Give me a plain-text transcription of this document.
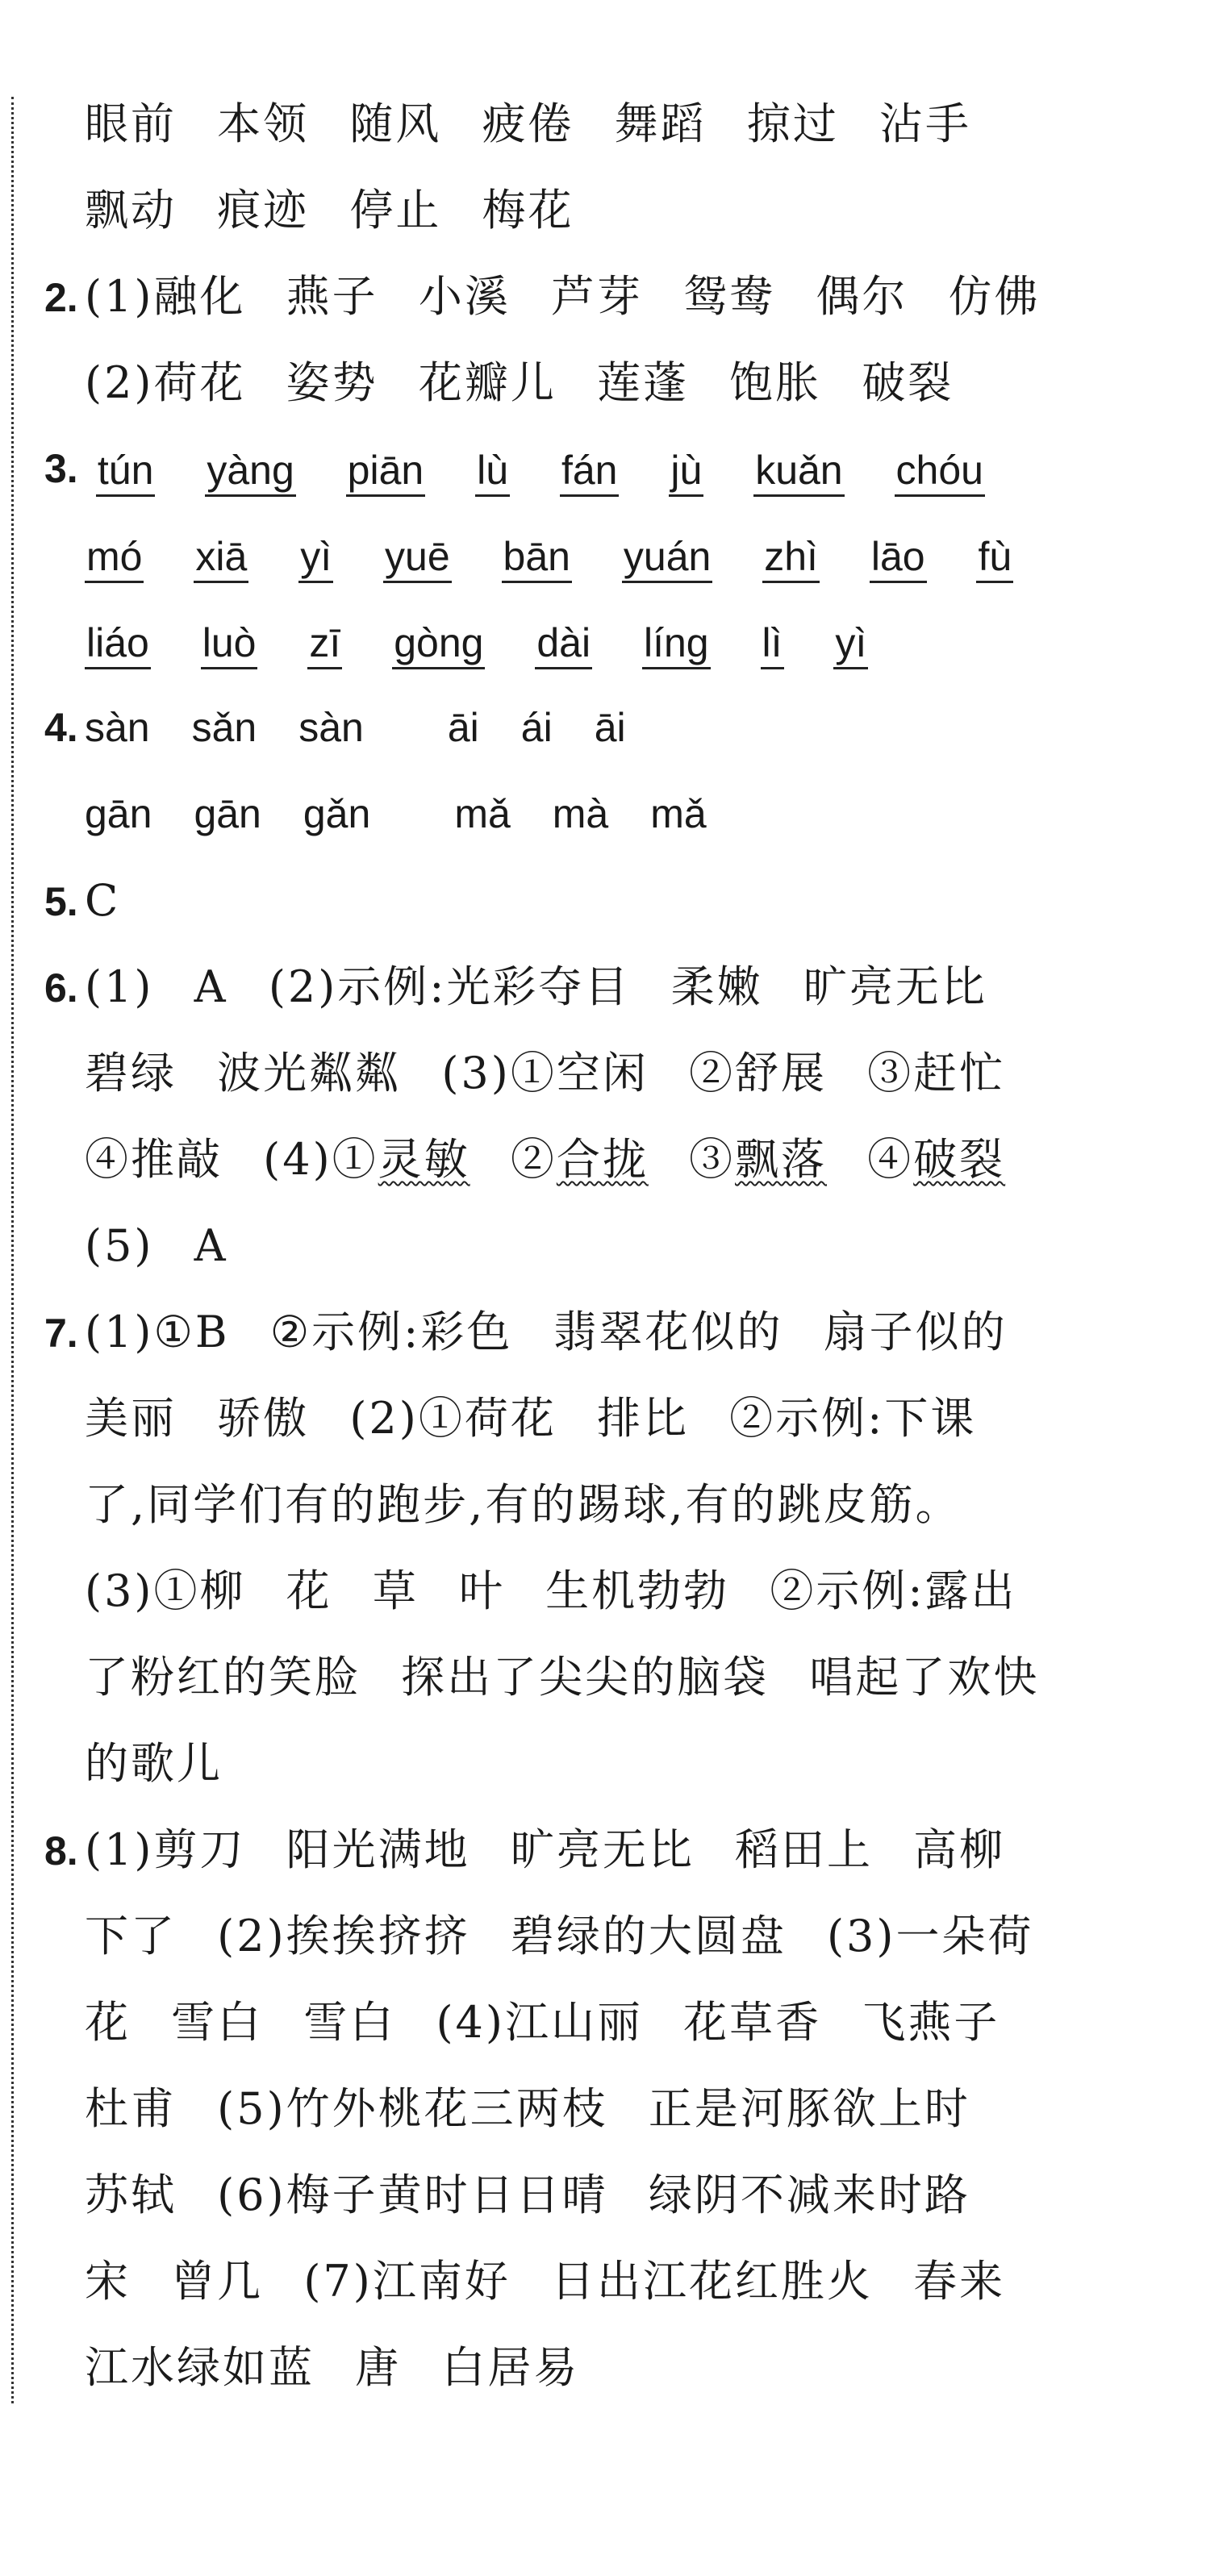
眼前 本领 随风 疲倦 舞蹈 掠过 沾手
飘动 痕迹 停止 梅花
2. (1)融化 燕子 小溪 芦芽 鸳鸯 偶尔 仿佛
(2)荷花 姿势 花瓣儿 莲蓬 饱胀 破裂
3. tún yàng piān lù fán jù kuǎn chóu
mó xiā yì yuē bān yuán zhì lāo fù
liáo luò zī gòng dài líng lì yì
4. sàn sǎn sàn āi ái āi
gān gān gǎn mǎ mà mǎ
5. C
6. (1) A (2)示例:光彩夺目 柔嫩 旷亮无比
碧绿 波光粼粼 (3)①空闲 ②舒展 ③赶忙
④推敲 (4)①灵敏 ②合拢 ③飘落 ④破裂
(5) A
7. (1)①B ②示例:彩色 翡翠花似的 扇子似的
美丽 骄傲 (2)①荷花 排比 ②示例:下课
了,同学们有的跑步,有的踢球,有的跳皮筋。
(3)①柳 花 草 叶 生机勃勃 ②示例:露出
了粉红的笑脸 探出了尖尖的脑袋 唱起了欢快
的歌儿
8. (1)剪刀 阳光满地 旷亮无比 稻田上 高柳
下了 (2)挨挨挤挤 碧绿的大圆盘 (3)一朵荷
花 雪白 雪白 (4)江山丽 花草香 飞燕子
杜甫 (5)竹外桃花三两枝 正是河豚欲上时
苏轼 (6)梅子黄时日日晴 绿阴不减来时路
宋 曾几 (7)江南好 日出江花红胜火 春来
江水绿如蓝 唐 白居易
